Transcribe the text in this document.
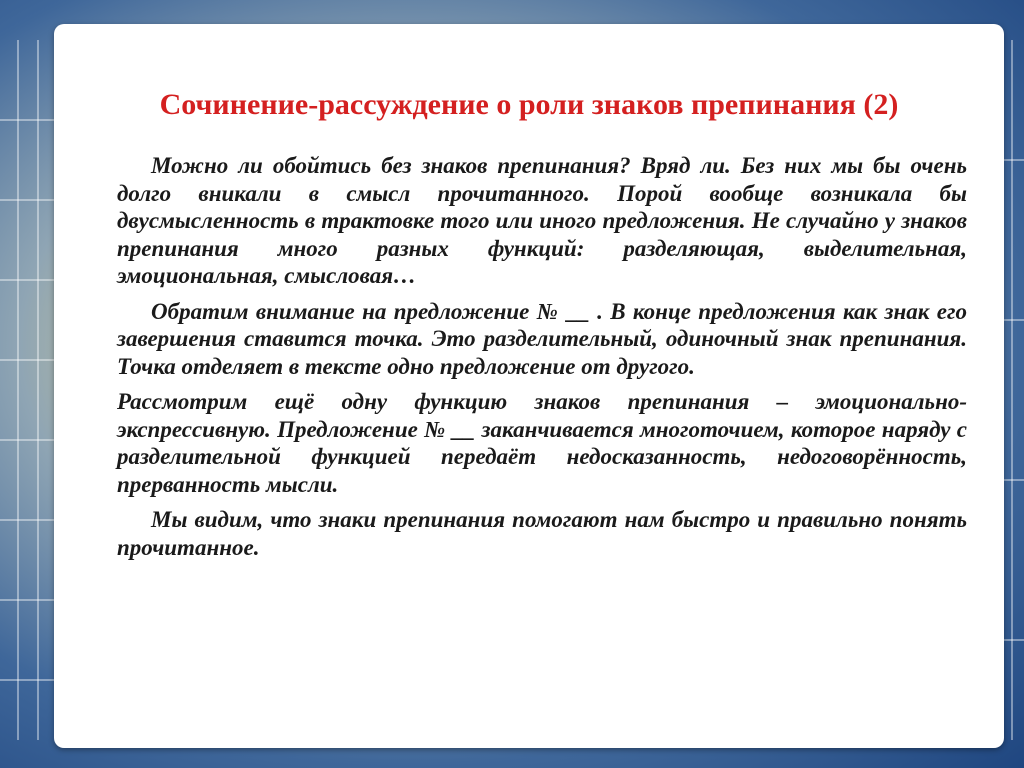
Сочинение-рассуждение о роли знаков препинания (2)

Можно ли обойтись без знаков препинания? Вряд ли. Без них мы бы очень долго вникали в смысл прочитанного. Порой вообще возникала бы двусмысленность в трактовке того или иного предложения. Не случайно у знаков препинания много разных функций: разделяющая, выделительная, эмоциональная, смысловая…

Обратим внимание на предложение № __ . В конце предложения как знак его завершения ставится точка. Это разделительный, одиночный знак препинания. Точка отделяет в тексте одно предложение от другого.

Рассмотрим ещё одну функцию знаков препинания – эмоционально-экспрессивную. Предложение № __ заканчивается многоточием, которое наряду с разделительной функцией передаёт недосказанность, недоговорённость, прерванность мысли.

Мы видим, что знаки препинания помогают нам быстро и правильно понять прочитанное.
